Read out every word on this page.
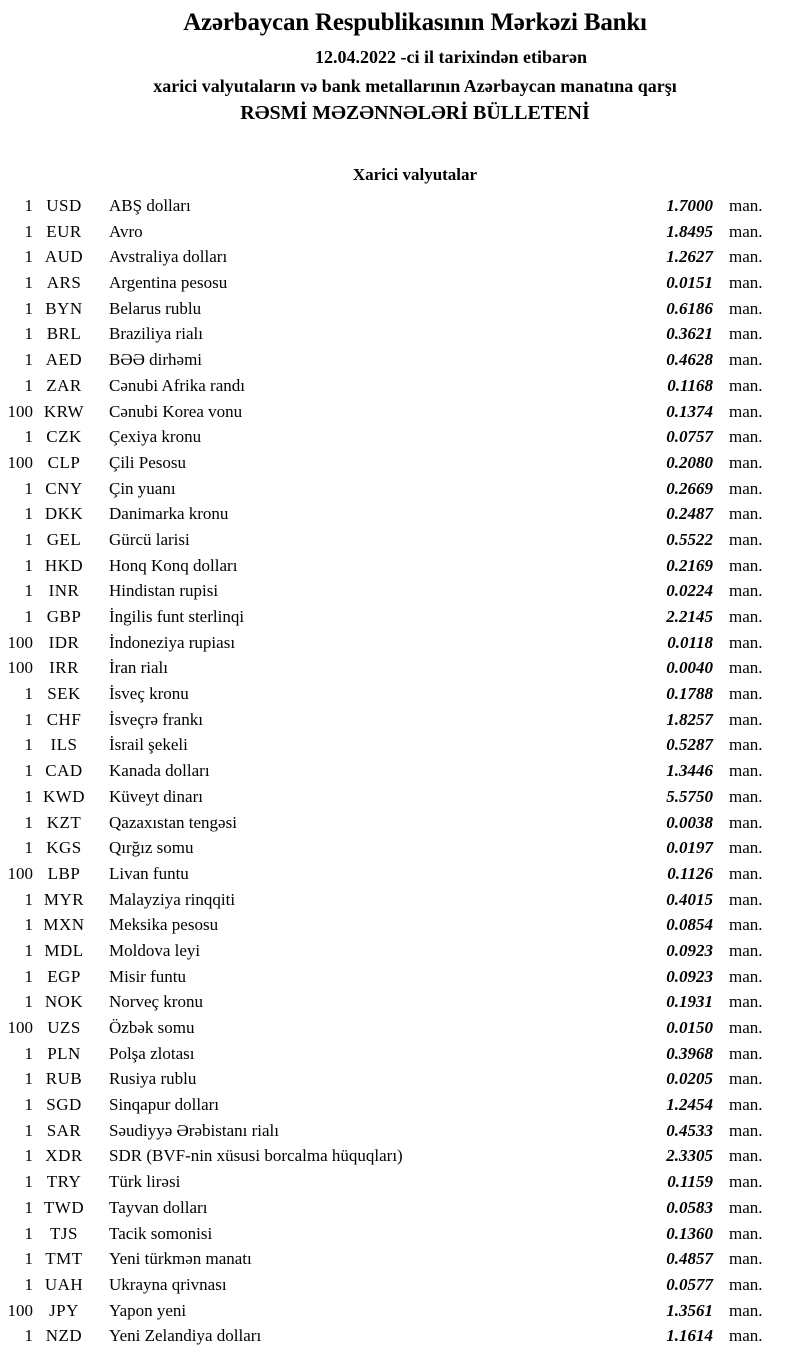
Azərbaycan Respublikasının Mərkəzi Bankı
12.04.2022 -ci il tarixindən etibarən
xarici valyutaların və bank metallarının Azərbaycan manatına qarşı
RƏSMİ MƏZƏNNƏLƏRİ BÜLLETENİ
Xarici valyutalar
1 USD	ABŞ dolları	1.7000 man.
1 EUR	Avro	1.8495 man.
1 AUD	Avstraliya dolları	1.2627 man.
1 ARS	Argentina pesosu	0.0151 man.
1 BYN	Belarus rublu	0.6186 man.
1 BRL	Braziliya rialı	0.3621 man.
1 AED	BƏƏ dirhəmi	0.4628 man.
1 ZAR	Cənubi Afrika randı	0.1168 man.
100 KRW	Cənubi Korea vonu	0.1374 man.
1 CZK	Çexiya kronu	0.0757 man.
100 CLP	Çili Pesosu	0.2080 man.
1 CNY	Çin yuanı	0.2669 man.
1 DKK	Danimarka kronu	0.2487 man.
1 GEL	Gürcü larisi	0.5522 man.
1 HKD	Honq Konq dolları	0.2169 man.
1 INR	Hindistan rupisi	0.0224 man.
1 GBP	İngilis funt sterlinqi	2.2145 man.
100 IDR	İndoneziya rupiası	0.0118 man.
100 IRR	İran rialı	0.0040 man.
1 SEK	İsveç kronu	0.1788 man.
1 CHF	İsveçrə frankı	1.8257 man.
1	ILS	İsrail şekeli	0.5287 man.
1 CAD	Kanada dolları	1.3446 man.
1 KWD	Küveyt dinarı	5.5750 man.
1 KZT	Qazaxıstan tengəsi	0.0038 man.
1 KGS	Qırğız somu	0.0197 man.
100 LBP	Livan funtu	0.1126 man.
1 MYR	Malayziya rinqqiti	0.4015 man.
1 MXN	Meksika pesosu	0.0854 man.
1 MDL	Moldova leyi	0.0923 man.
1 EGP	Misir funtu	0.0923 man.
1 NOK	Norveç kronu	0.1931 man.
100 UZS	Özbək somu	0.0150 man.
1 PLN	Polşa zlotası	0.3968 man.
1 RUB	Rusiya rublu	0.0205 man.
1 SGD	Sinqapur dolları	1.2454 man.
1 SAR	Səudiyyə Ərəbistanı rialı	0.4533 man.
1 XDR	SDR (BVF-nin xüsusi borcalma hüquqları)	2.3305 man.
1 TRY	Türk lirəsi	0.1159 man.
1 TWD	Tayvan dolları	0.0583 man.
1	TJS	Tacik somonisi	0.1360 man.
1 TMT	Yeni türkmən manatı	0.4857 man.
1 UAH	Ukrayna qrivnası	0.0577 man.
100 JPY	Yapon yeni	1.3561 man.
1 NZD	Yeni Zelandiya dolları	1.1614 man.
